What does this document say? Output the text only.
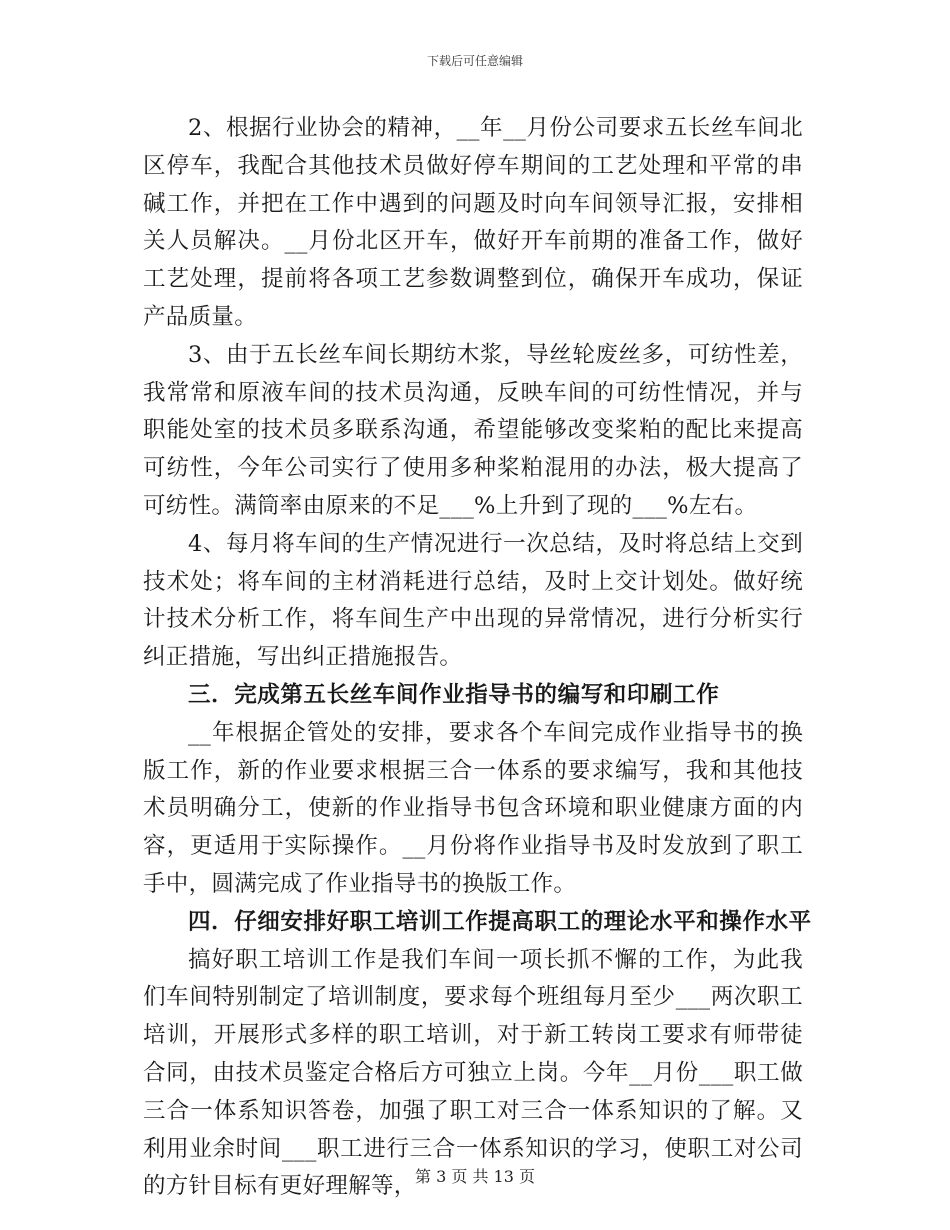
下载后可任意编辑

2、根据行业协会的精神，__年__月份公司要求五长丝车间北区停车，我配合其他技术员做好停车期间的工艺处理和平常的串碱工作，并把在工作中遇到的问题及时向车间领导汇报，安排相关人员解决。__月份北区开车，做好开车前期的准备工作，做好工艺处理，提前将各项工艺参数调整到位，确保开车成功，保证产品质量。

3、由于五长丝车间长期纺木浆，导丝轮废丝多，可纺性差，我常常和原液车间的技术员沟通，反映车间的可纺性情况，并与职能处室的技术员多联系沟通，希望能够改变桨粕的配比来提高可纺性，今年公司实行了使用多种桨粕混用的办法，极大提高了可纺性。满筒率由原来的不足___%上升到了现的___%左右。

4、每月将车间的生产情况进行一次总结，及时将总结上交到技术处；将车间的主材消耗进行总结，及时上交计划处。做好统计技术分析工作，将车间生产中出现的异常情况，进行分析实行纠正措施，写出纠正措施报告。

三．完成第五长丝车间作业指导书的编写和印刷工作

__年根据企管处的安排，要求各个车间完成作业指导书的换版工作，新的作业要求根据三合一体系的要求编写，我和其他技术员明确分工，使新的作业指导书包含环境和职业健康方面的内容，更适用于实际操作。__月份将作业指导书及时发放到了职工手中，圆满完成了作业指导书的换版工作。

四．仔细安排好职工培训工作提高职工的理论水平和操作水平

搞好职工培训工作是我们车间一项长抓不懈的工作，为此我们车间特别制定了培训制度，要求每个班组每月至少___两次职工培训，开展形式多样的职工培训，对于新工转岗工要求有师带徒合同，由技术员鉴定合格后方可独立上岗。今年__月份___职工做三合一体系知识答卷，加强了职工对三合一体系知识的了解。又利用业余时间___职工进行三合一体系知识的学习，使职工对公司的方针目标有更好理解等，

第 3 页 共 13 页
